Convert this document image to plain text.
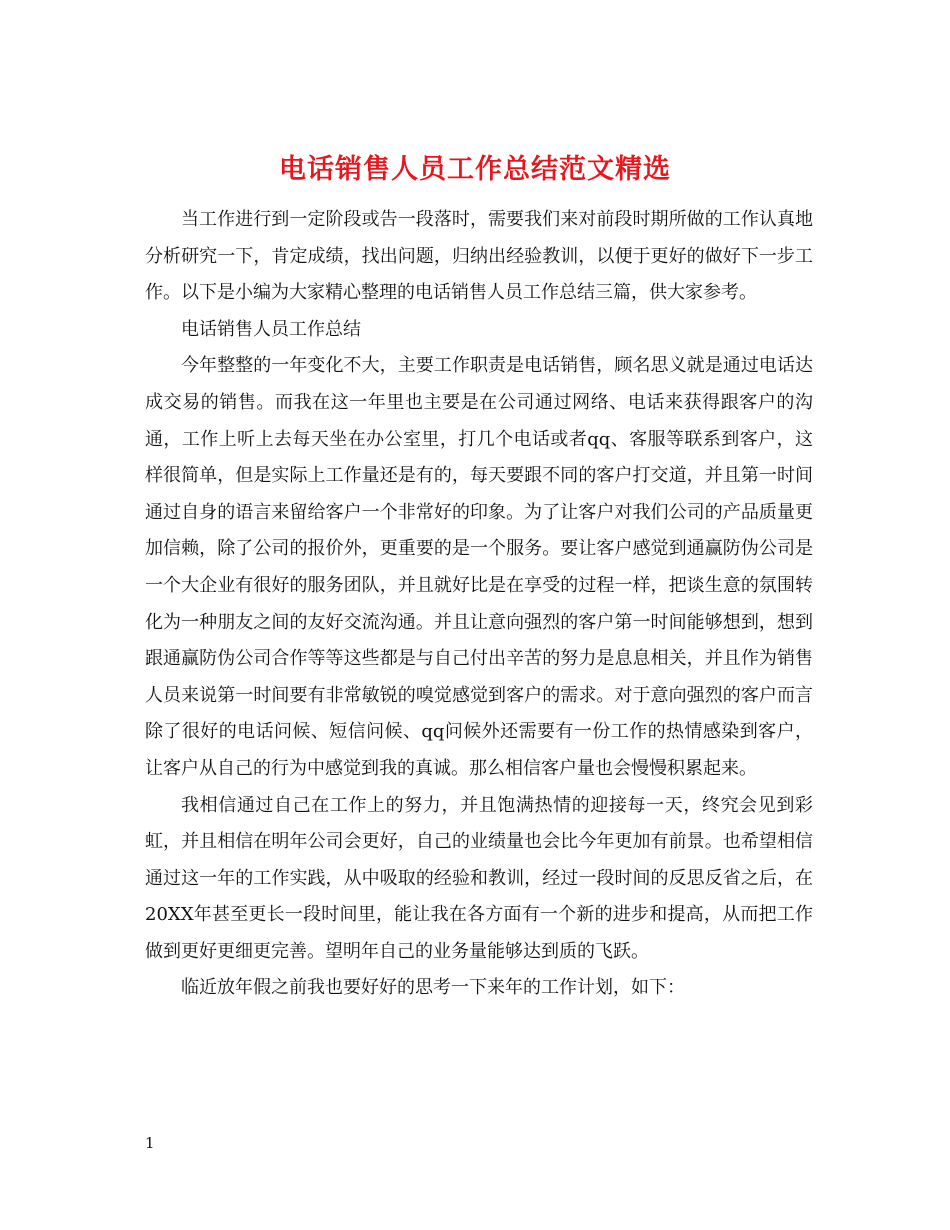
电话销售人员工作总结范文精选

当工作进行到一定阶段或告一段落时，需要我们来对前段时期所做的工作认真地分析研究一下，肯定成绩，找出问题，归纳出经验教训，以便于更好的做好下一步工作。以下是小编为大家精心整理的电话销售人员工作总结三篇，供大家参考。

电话销售人员工作总结

今年整整的一年变化不大，主要工作职责是电话销售，顾名思义就是通过电话达成交易的销售。而我在这一年里也主要是在公司通过网络、电话来获得跟客户的沟通，工作上听上去每天坐在办公室里，打几个电话或者qq、客服等联系到客户，这样很简单，但是实际上工作量还是有的，每天要跟不同的客户打交道，并且第一时间通过自身的语言来留给客户一个非常好的印象。为了让客户对我们公司的产品质量更加信赖，除了公司的报价外，更重要的是一个服务。要让客户感觉到通赢防伪公司是一个大企业有很好的服务团队，并且就好比是在享受的过程一样，把谈生意的氛围转化为一种朋友之间的友好交流沟通。并且让意向强烈的客户第一时间能够想到，想到跟通赢防伪公司合作等等这些都是与自己付出辛苦的努力是息息相关，并且作为销售人员来说第一时间要有非常敏锐的嗅觉感觉到客户的需求。对于意向强烈的客户而言除了很好的电话问候、短信问候、qq问候外还需要有一份工作的热情感染到客户，让客户从自己的行为中感觉到我的真诚。那么相信客户量也会慢慢积累起来。

我相信通过自己在工作上的努力，并且饱满热情的迎接每一天，终究会见到彩虹，并且相信在明年公司会更好，自己的业绩量也会比今年更加有前景。也希望相信通过这一年的工作实践，从中吸取的经验和教训，经过一段时间的反思反省之后，在20XX年甚至更长一段时间里，能让我在各方面有一个新的进步和提高，从而把工作做到更好更细更完善。望明年自己的业务量能够达到质的飞跃。

临近放年假之前我也要好好的思考一下来年的工作计划，如下：

1
